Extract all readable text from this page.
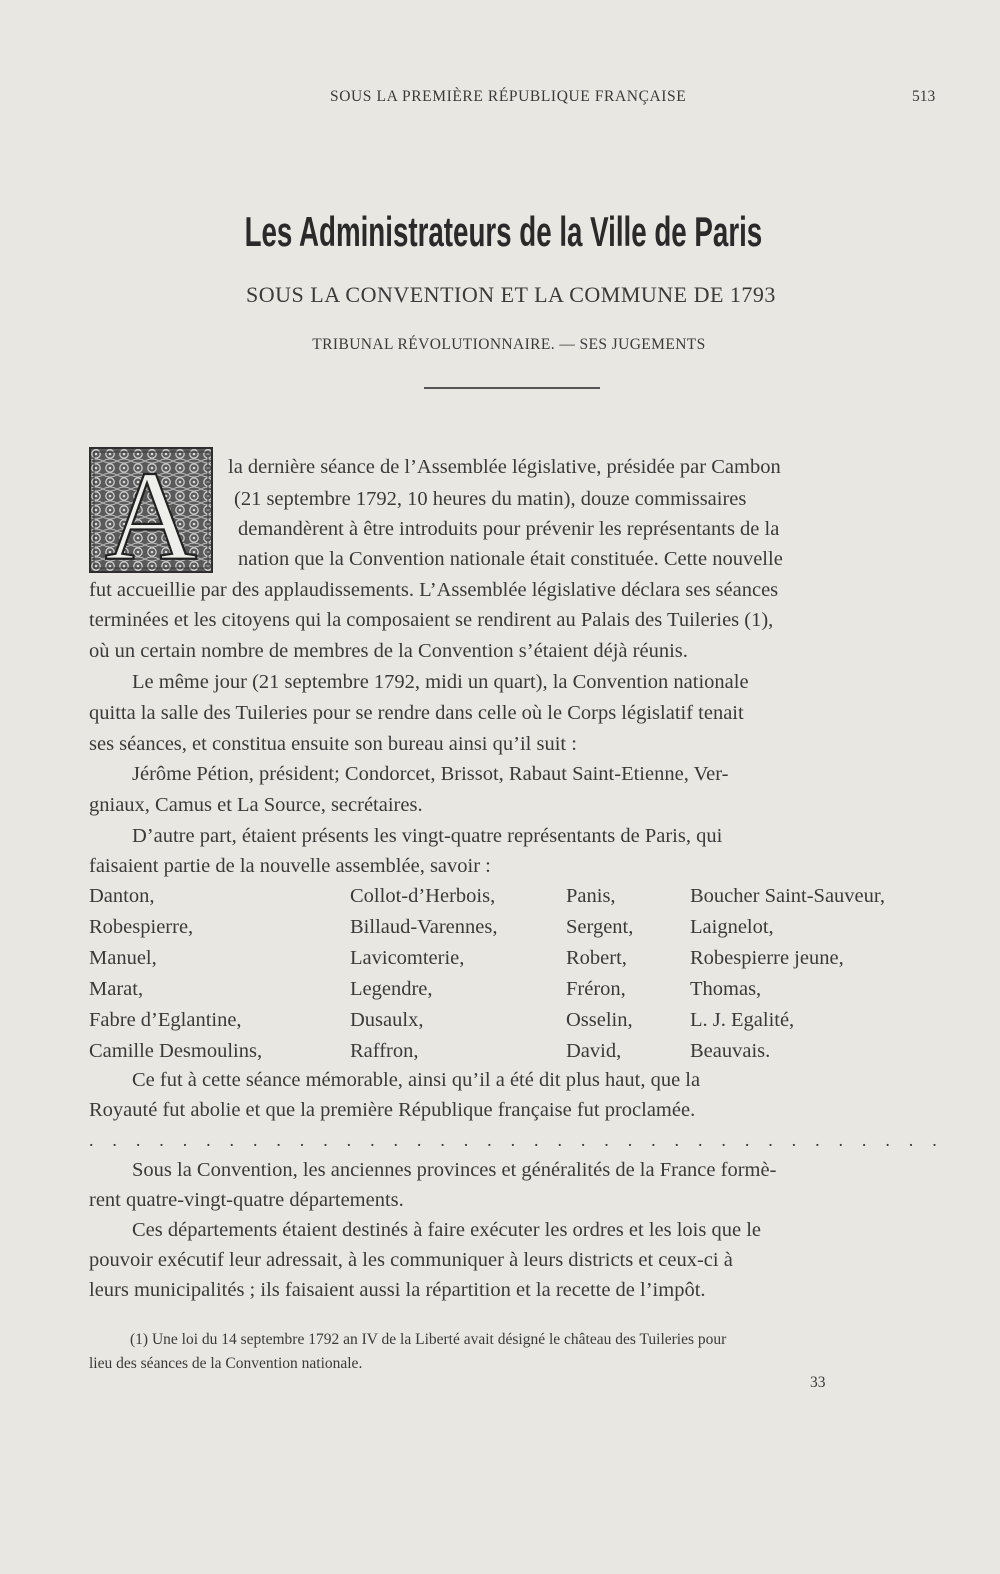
SOUS LA PREMIÈRE RÉPUBLIQUE FRANÇAISE	513
Les Administrateurs de la Ville de Paris
SOUS LA CONVENTION ET LA COMMUNE DE 1793
TRIBUNAL RÉVOLUTIONNAIRE. — SES JUGEMENTS
A la dernière séance de l’Assemblée législative, présidée par Cambon
(21 septembre 1792, 10 heures du matin), douze commissaires
demandèrent à être introduits pour prévenir les représentants de la
nation que la Convention nationale était constituée. Cette nouvelle
fut accueillie par des applaudissements. L’Assemblée législative déclara ses séances
terminées et les citoyens qui la composaient se rendirent au Palais des Tuileries (1),
où un certain nombre de membres de la Convention s’étaient déjà réunis.
Le même jour (21 septembre 1792, midi un quart), la Convention nationale
quitta la salle des Tuileries pour se rendre dans celle où le Corps législatif tenait
ses séances, et constitua ensuite son bureau ainsi qu’il suit :
Jérôme Pétion, président; Condorcet, Brissot, Rabaut Saint-Etienne, Ver-
gniaux, Camus et La Source, secrétaires.
D’autre part, étaient présents les vingt-quatre représentants de Paris, qui
faisaient partie de la nouvelle assemblée, savoir :
Danton,	Collot-d’Herbois,	Panis,	Boucher Saint-Sauveur,
Robespierre,	Billaud-Varennes,	Sergent,	Laignelot,
Manuel,	Lavicomterie,	Robert,	Robespierre jeune,
Marat,	Legendre,	Fréron,	Thomas,
Fabre d’Eglantine,	Dusaulx,	Osselin,	L. J. Egalité,
Camille Desmoulins,	Raffron,	David,	Beauvais.
Ce fut à cette séance mémorable, ainsi qu’il a été dit plus haut, que la
Royauté fut abolie et que la première République française fut proclamée.
. . . . . . . . . . . . . . . . . . . . . . . . . . . . . . . . . . . . .
Sous la Convention, les anciennes provinces et généralités de la France formè-
rent quatre-vingt-quatre départements.
Ces départements étaient destinés à faire exécuter les ordres et les lois que le
pouvoir exécutif leur adressait, à les communiquer à leurs districts et ceux-ci à
leurs municipalités ; ils faisaient aussi la répartition et la recette de l’impôt.
(1) Une loi du 14 septembre 1792 an IV de la Liberté avait désigné le château des Tuileries pour
lieu des séances de la Convention nationale.
33
